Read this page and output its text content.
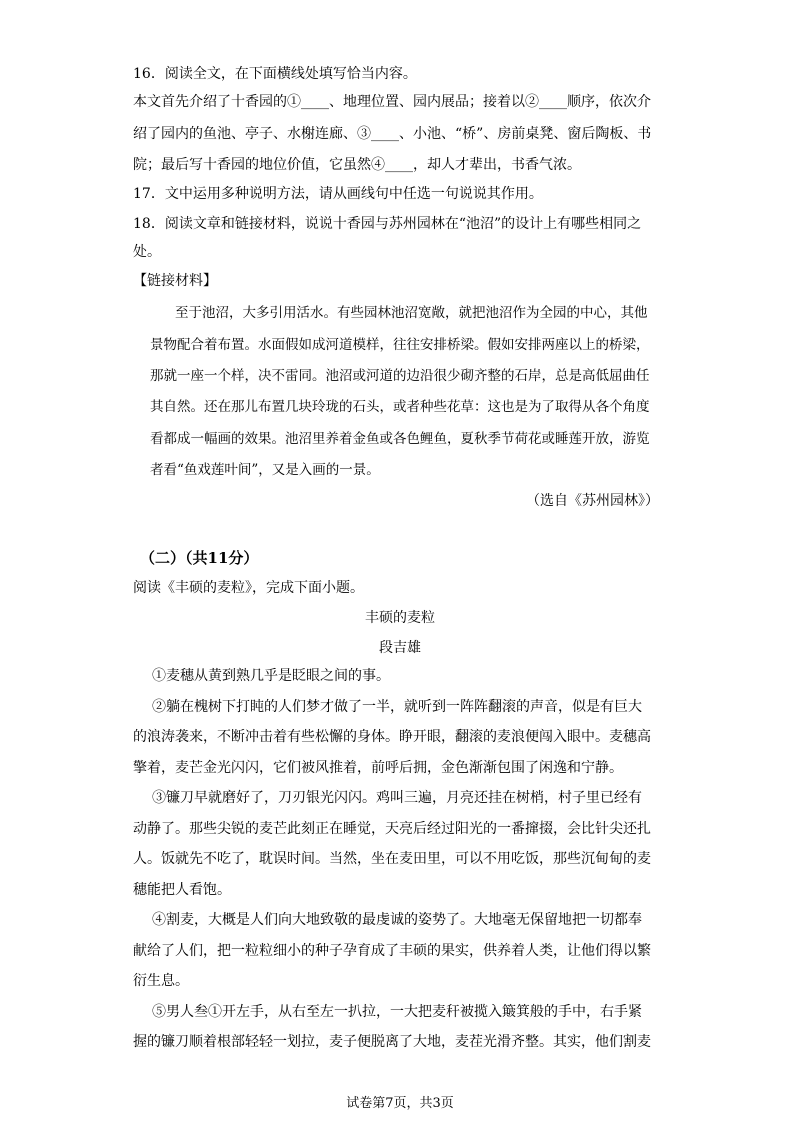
16．阅读全文，在下面横线处填写恰当内容。
本文首先介绍了十香园的①____、地理位置、园内展品；接着以②____顺序，依次介
绍了园内的鱼池、亭子、水榭连廊、③____、小池、“桥”、房前桌凳、窗后陶板、书
院；最后写十香园的地位价值，它虽然④____，却人才辈出，书香气浓。
17．文中运用多种说明方法，请从画线句中任选一句说说其作用。
18．阅读文章和链接材料，说说十香园与苏州园林在“池沼”的设计上有哪些相同之
处。
【链接材料】
至于池沼，大多引用活水。有些园林池沼宽敞，就把池沼作为全园的中心，其他
景物配合着布置。水面假如成河道模样，往往安排桥梁。假如安排两座以上的桥梁，
那就一座一个样，决不雷同。池沼或河道的边沿很少砌齐整的石岸，总是高低屈曲任
其自然。还在那儿布置几块玲珑的石头，或者种些花草：这也是为了取得从各个角度
看都成一幅画的效果。池沼里养着金鱼或各色鲤鱼，夏秋季节荷花或睡莲开放，游览
者看“鱼戏莲叶间”，又是入画的一景。
（选自《苏州园林》）
（二）（共11分）
阅读《丰硕的麦粒》，完成下面小题。
丰硕的麦粒
段吉雄
①麦穗从黄到熟几乎是眨眼之间的事。
②躺在槐树下打盹的人们梦才做了一半，就听到一阵阵翻滚的声音，似是有巨大
的浪涛袭来，不断冲击着有些松懈的身体。睁开眼，翻滚的麦浪便闯入眼中。麦穗高
擎着，麦芒金光闪闪，它们被风推着，前呼后拥，金色渐渐包围了闲逸和宁静。
③镰刀早就磨好了，刀刃银光闪闪。鸡叫三遍，月亮还挂在树梢，村子里已经有
动静了。那些尖锐的麦芒此刻正在睡觉，天亮后经过阳光的一番撺掇，会比针尖还扎
人。饭就先不吃了，耽误时间。当然，坐在麦田里，可以不用吃饭，那些沉甸甸的麦
穗能把人看饱。
④割麦，大概是人们向大地致敬的最虔诚的姿势了。大地毫无保留地把一切都奉
献给了人们，把一粒粒细小的种子孕育成了丰硕的果实，供养着人类，让他们得以繁
衍生息。
⑤男人叁①开左手，从右至左一扒拉，一大把麦秆被揽入簸箕般的手中，右手紧
握的镰刀顺着根部轻轻一划拉，麦子便脱离了大地，麦茬光滑齐整。其实，他们割麦
试卷第7页，共3页
